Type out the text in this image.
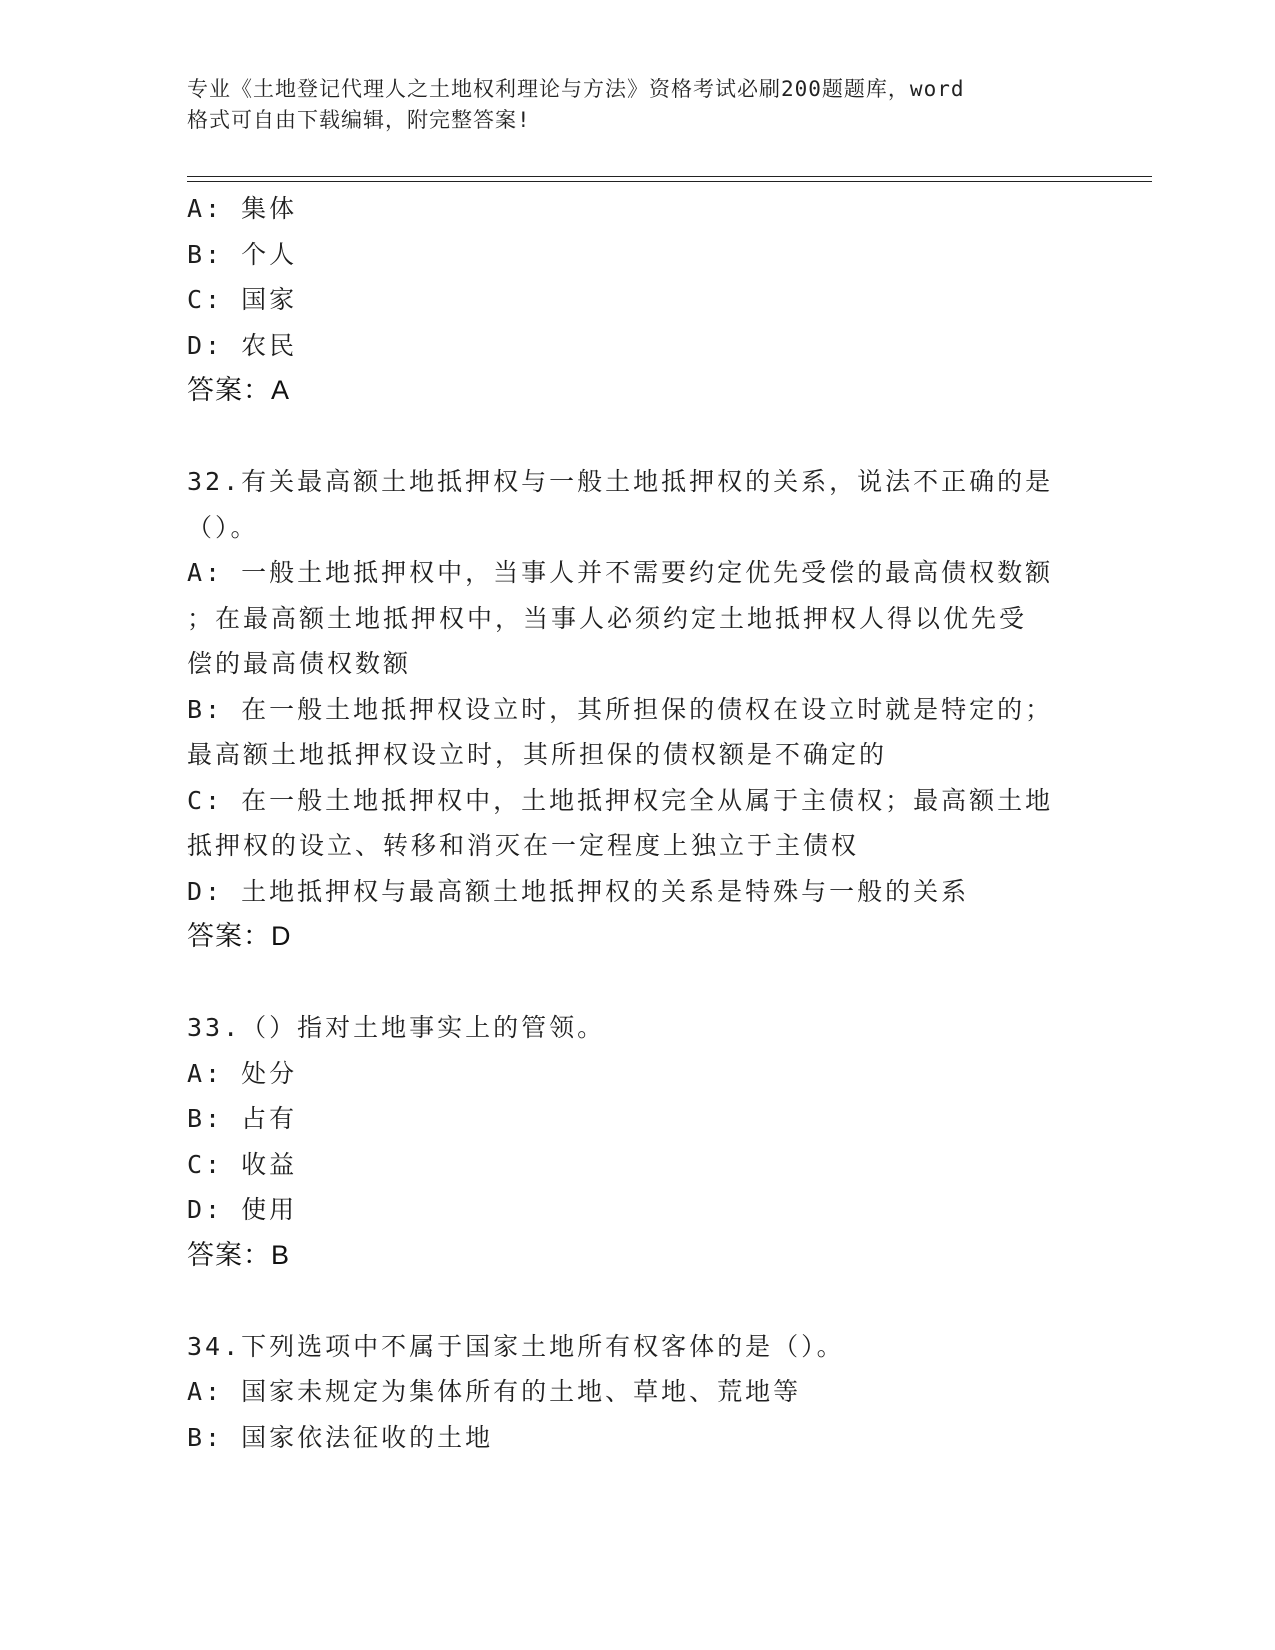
专业《土地登记代理人之土地权利理论与方法》资格考试必刷200题题库，word
格式可自由下载编辑，附完整答案!
A: 集体
B: 个人
C: 国家
D: 农民
答案：A
32.有关最高额土地抵押权与一般土地抵押权的关系，说法不正确的是
（）。
A: 一般土地抵押权中，当事人并不需要约定优先受偿的最高债权数额
；在最高额土地抵押权中，当事人必须约定土地抵押权人得以优先受
偿的最高债权数额
B: 在一般土地抵押权设立时，其所担保的债权在设立时就是特定的；
最高额土地抵押权设立时，其所担保的债权额是不确定的
C: 在一般土地抵押权中，土地抵押权完全从属于主债权；最高额土地
抵押权的设立、转移和消灭在一定程度上独立于主债权
D: 土地抵押权与最高额土地抵押权的关系是特殊与一般的关系
答案：D
33.（）指对土地事实上的管领。
A: 处分
B: 占有
C: 收益
D: 使用
答案：B
34.下列选项中不属于国家土地所有权客体的是（）。
A: 国家未规定为集体所有的土地、草地、荒地等
B: 国家依法征收的土地
